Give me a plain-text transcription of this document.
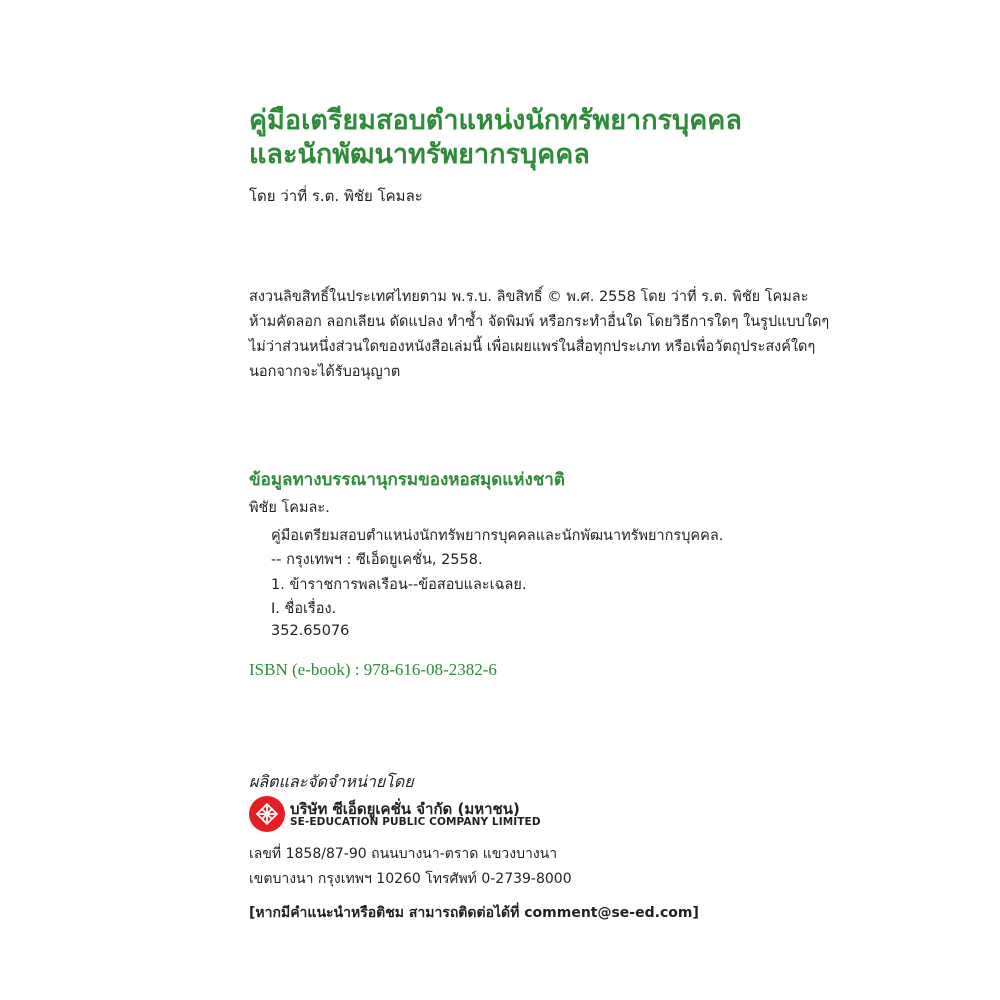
คู่มือเตรียมสอบตำแหน่งนักทรัพยากรบุคคล
และนักพัฒนาทรัพยากรบุคคล
โดย ว่าที่ ร.ต. พิชัย โคมละ
สงวนลิขสิทธิ์ในประเทศไทยตาม พ.ร.บ. ลิขสิทธิ์ © พ.ศ. 2558 โดย ว่าที่ ร.ต. พิชัย โคมละ
ห้ามคัดลอก ลอกเลียน ดัดแปลง ทำซ้ำ จัดพิมพ์ หรือกระทำอื่นใด โดยวิธีการใดๆ ในรูปแบบใดๆ
ไม่ว่าส่วนหนึ่งส่วนใดของหนังสือเล่มนี้ เพื่อเผยแพร่ในสื่อทุกประเภท หรือเพื่อวัตถุประสงค์ใดๆ
นอกจากจะได้รับอนุญาต
ข้อมูลทางบรรณานุกรมของหอสมุดแห่งชาติ
พิชัย โคมละ.
คู่มือเตรียมสอบตำแหน่งนักทรัพยากรบุคคลและนักพัฒนาทรัพยากรบุคคล.
-- กรุงเทพฯ : ซีเอ็ดยูเคชั่น, 2558.
1. ข้าราชการพลเรือน--ข้อสอบและเฉลย.
I. ชื่อเรื่อง.
352.65076
ISBN (e-book) : 978-616-08-2382-6
ผลิตและจัดจำหน่ายโดย
บริษัท ซีเอ็ดยูเคชั่น จำกัด (มหาชน)
SE-EDUCATION PUBLIC COMPANY LIMITED
เลขที่ 1858/87-90 ถนนบางนา-ตราด แขวงบางนา
เขตบางนา กรุงเทพฯ 10260 โทรศัพท์ 0-2739-8000
[หากมีคำแนะนำหรือติชม สามารถติดต่อได้ที่ comment@se-ed.com]
